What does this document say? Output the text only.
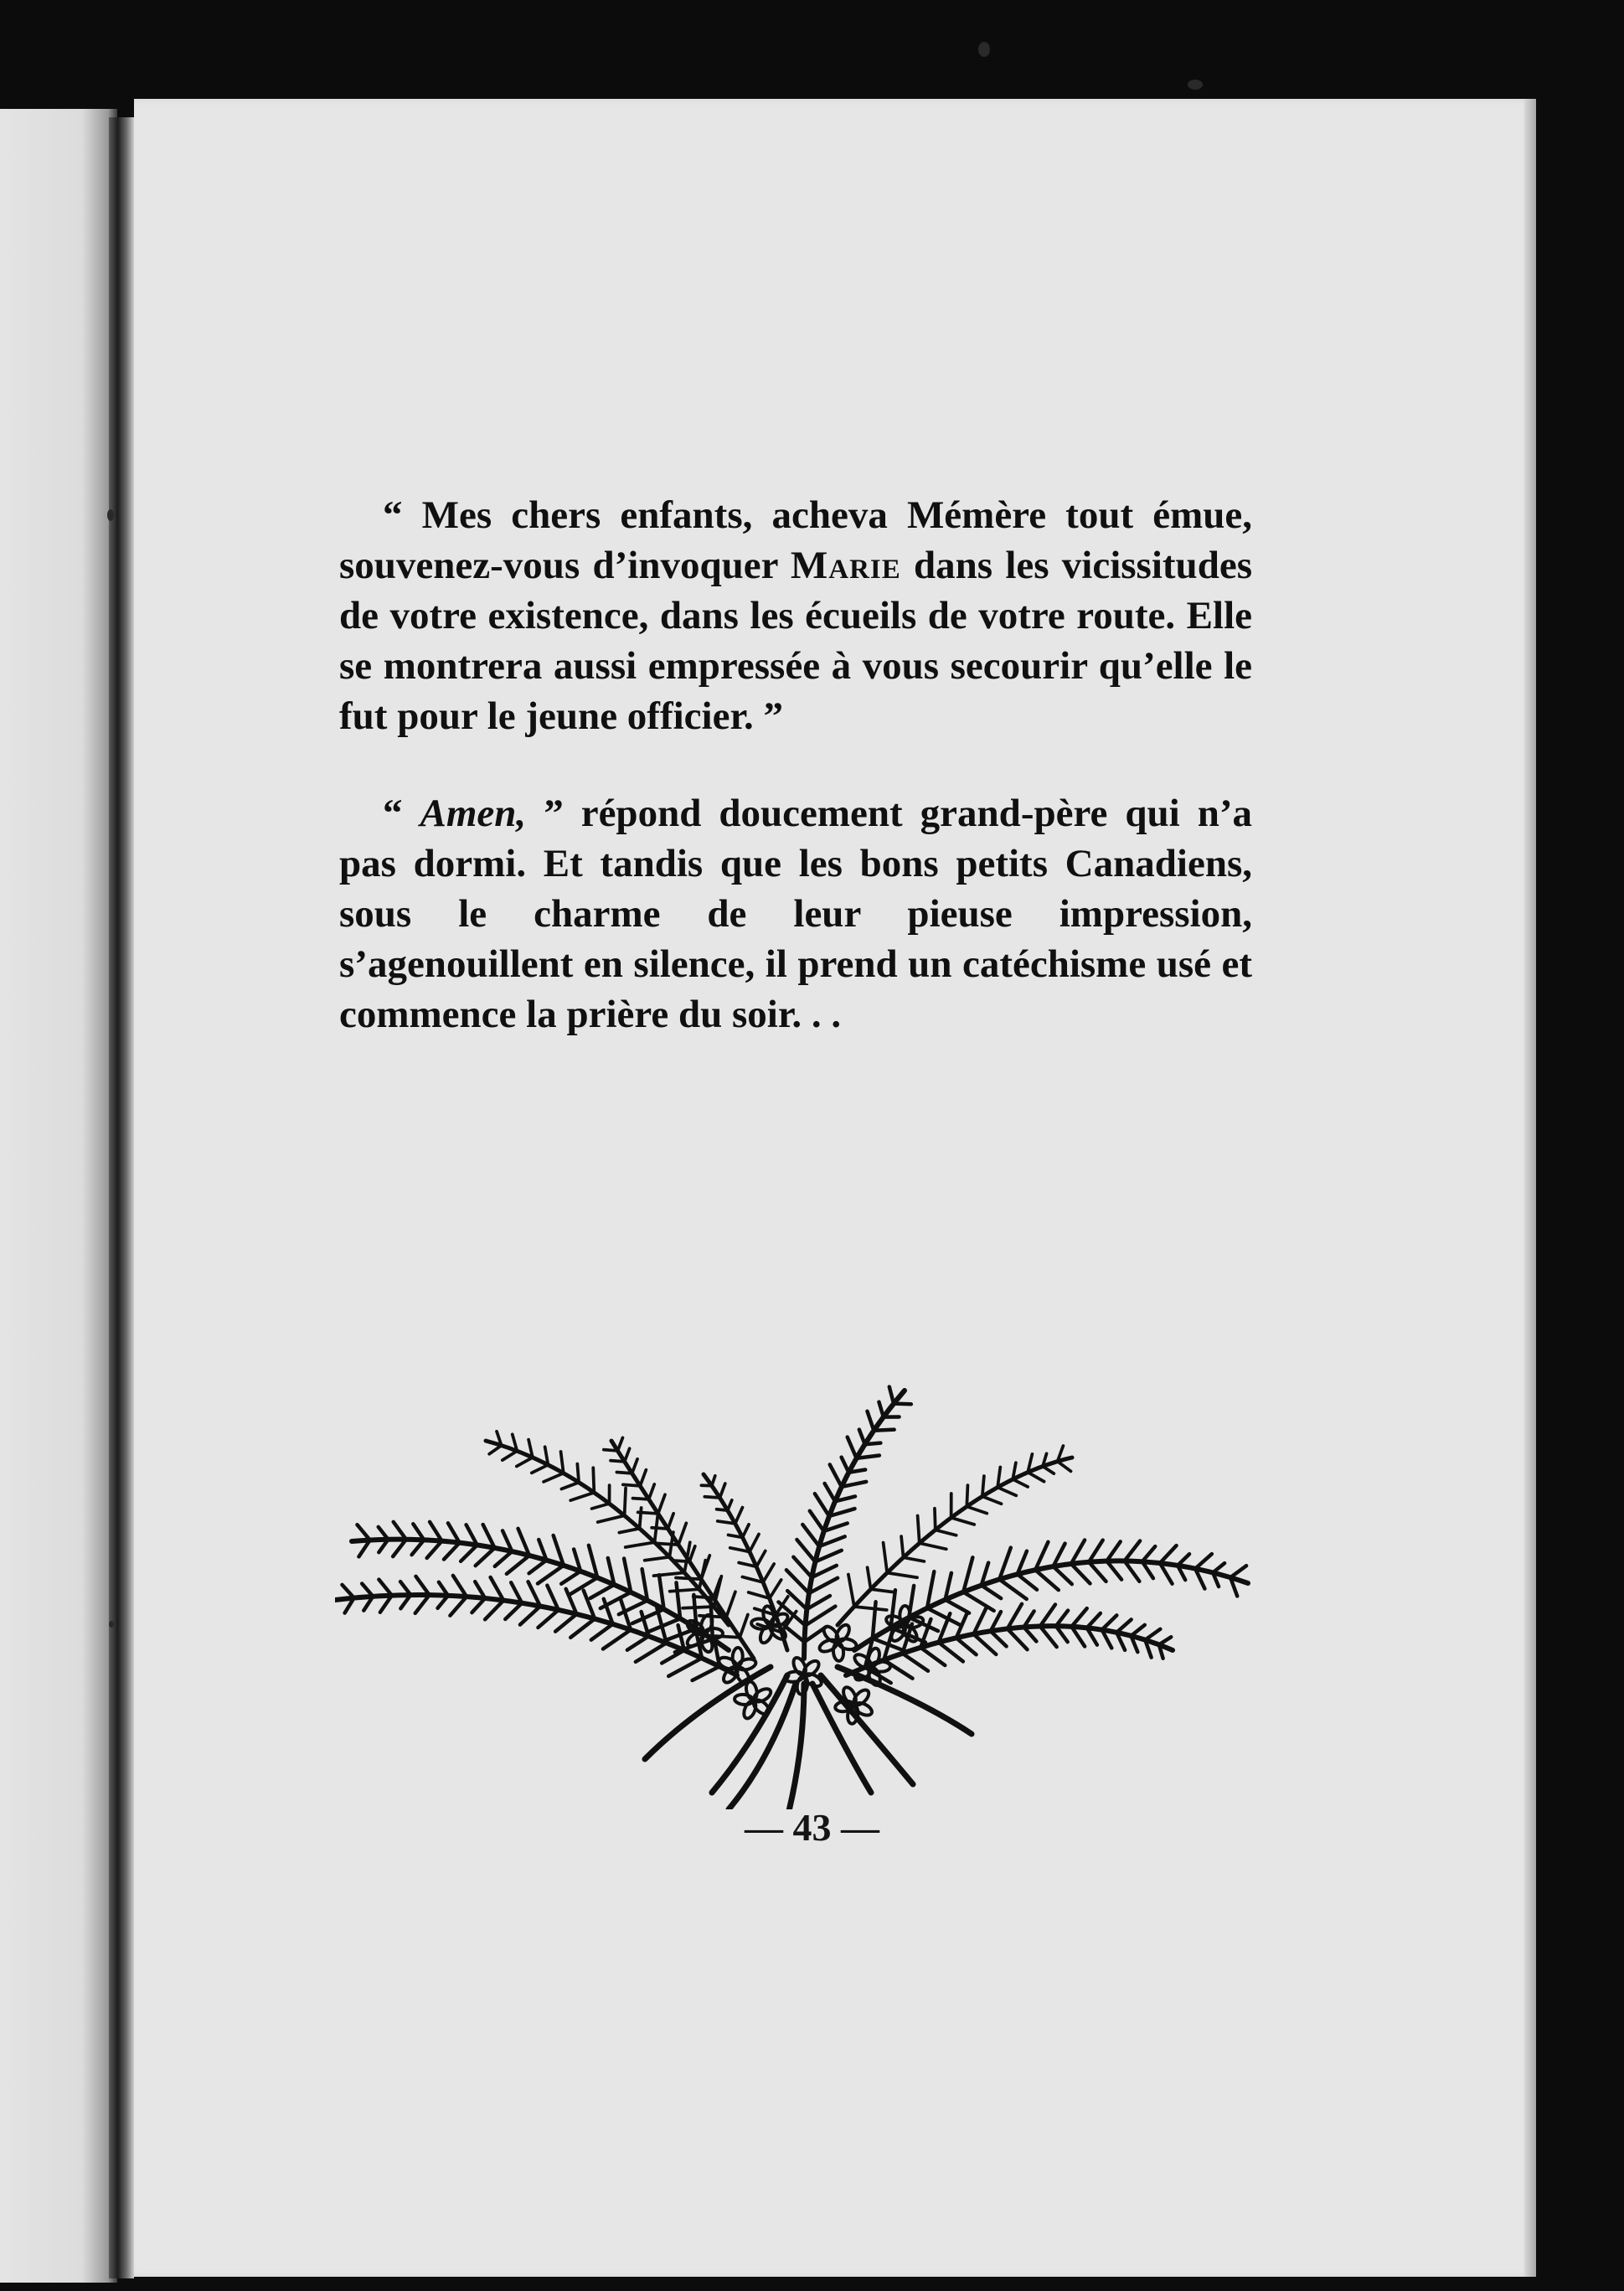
“ Mes chers enfants, acheva Mémère tout émue, souvenez-vous d’invoquer Marie dans les vicissitudes de votre existence, dans les écueils de votre route. Elle se montrera aussi empressée à vous secourir qu’elle le fut pour le jeune officier. ”

“ Amen, ” répond doucement grand-père qui n’a pas dormi. Et tandis que les bons petits Canadiens, sous le charme de leur pieuse impression, s’agenouillent en silence, il prend un catéchisme usé et commence la prière du soir. . .

— 43 —
